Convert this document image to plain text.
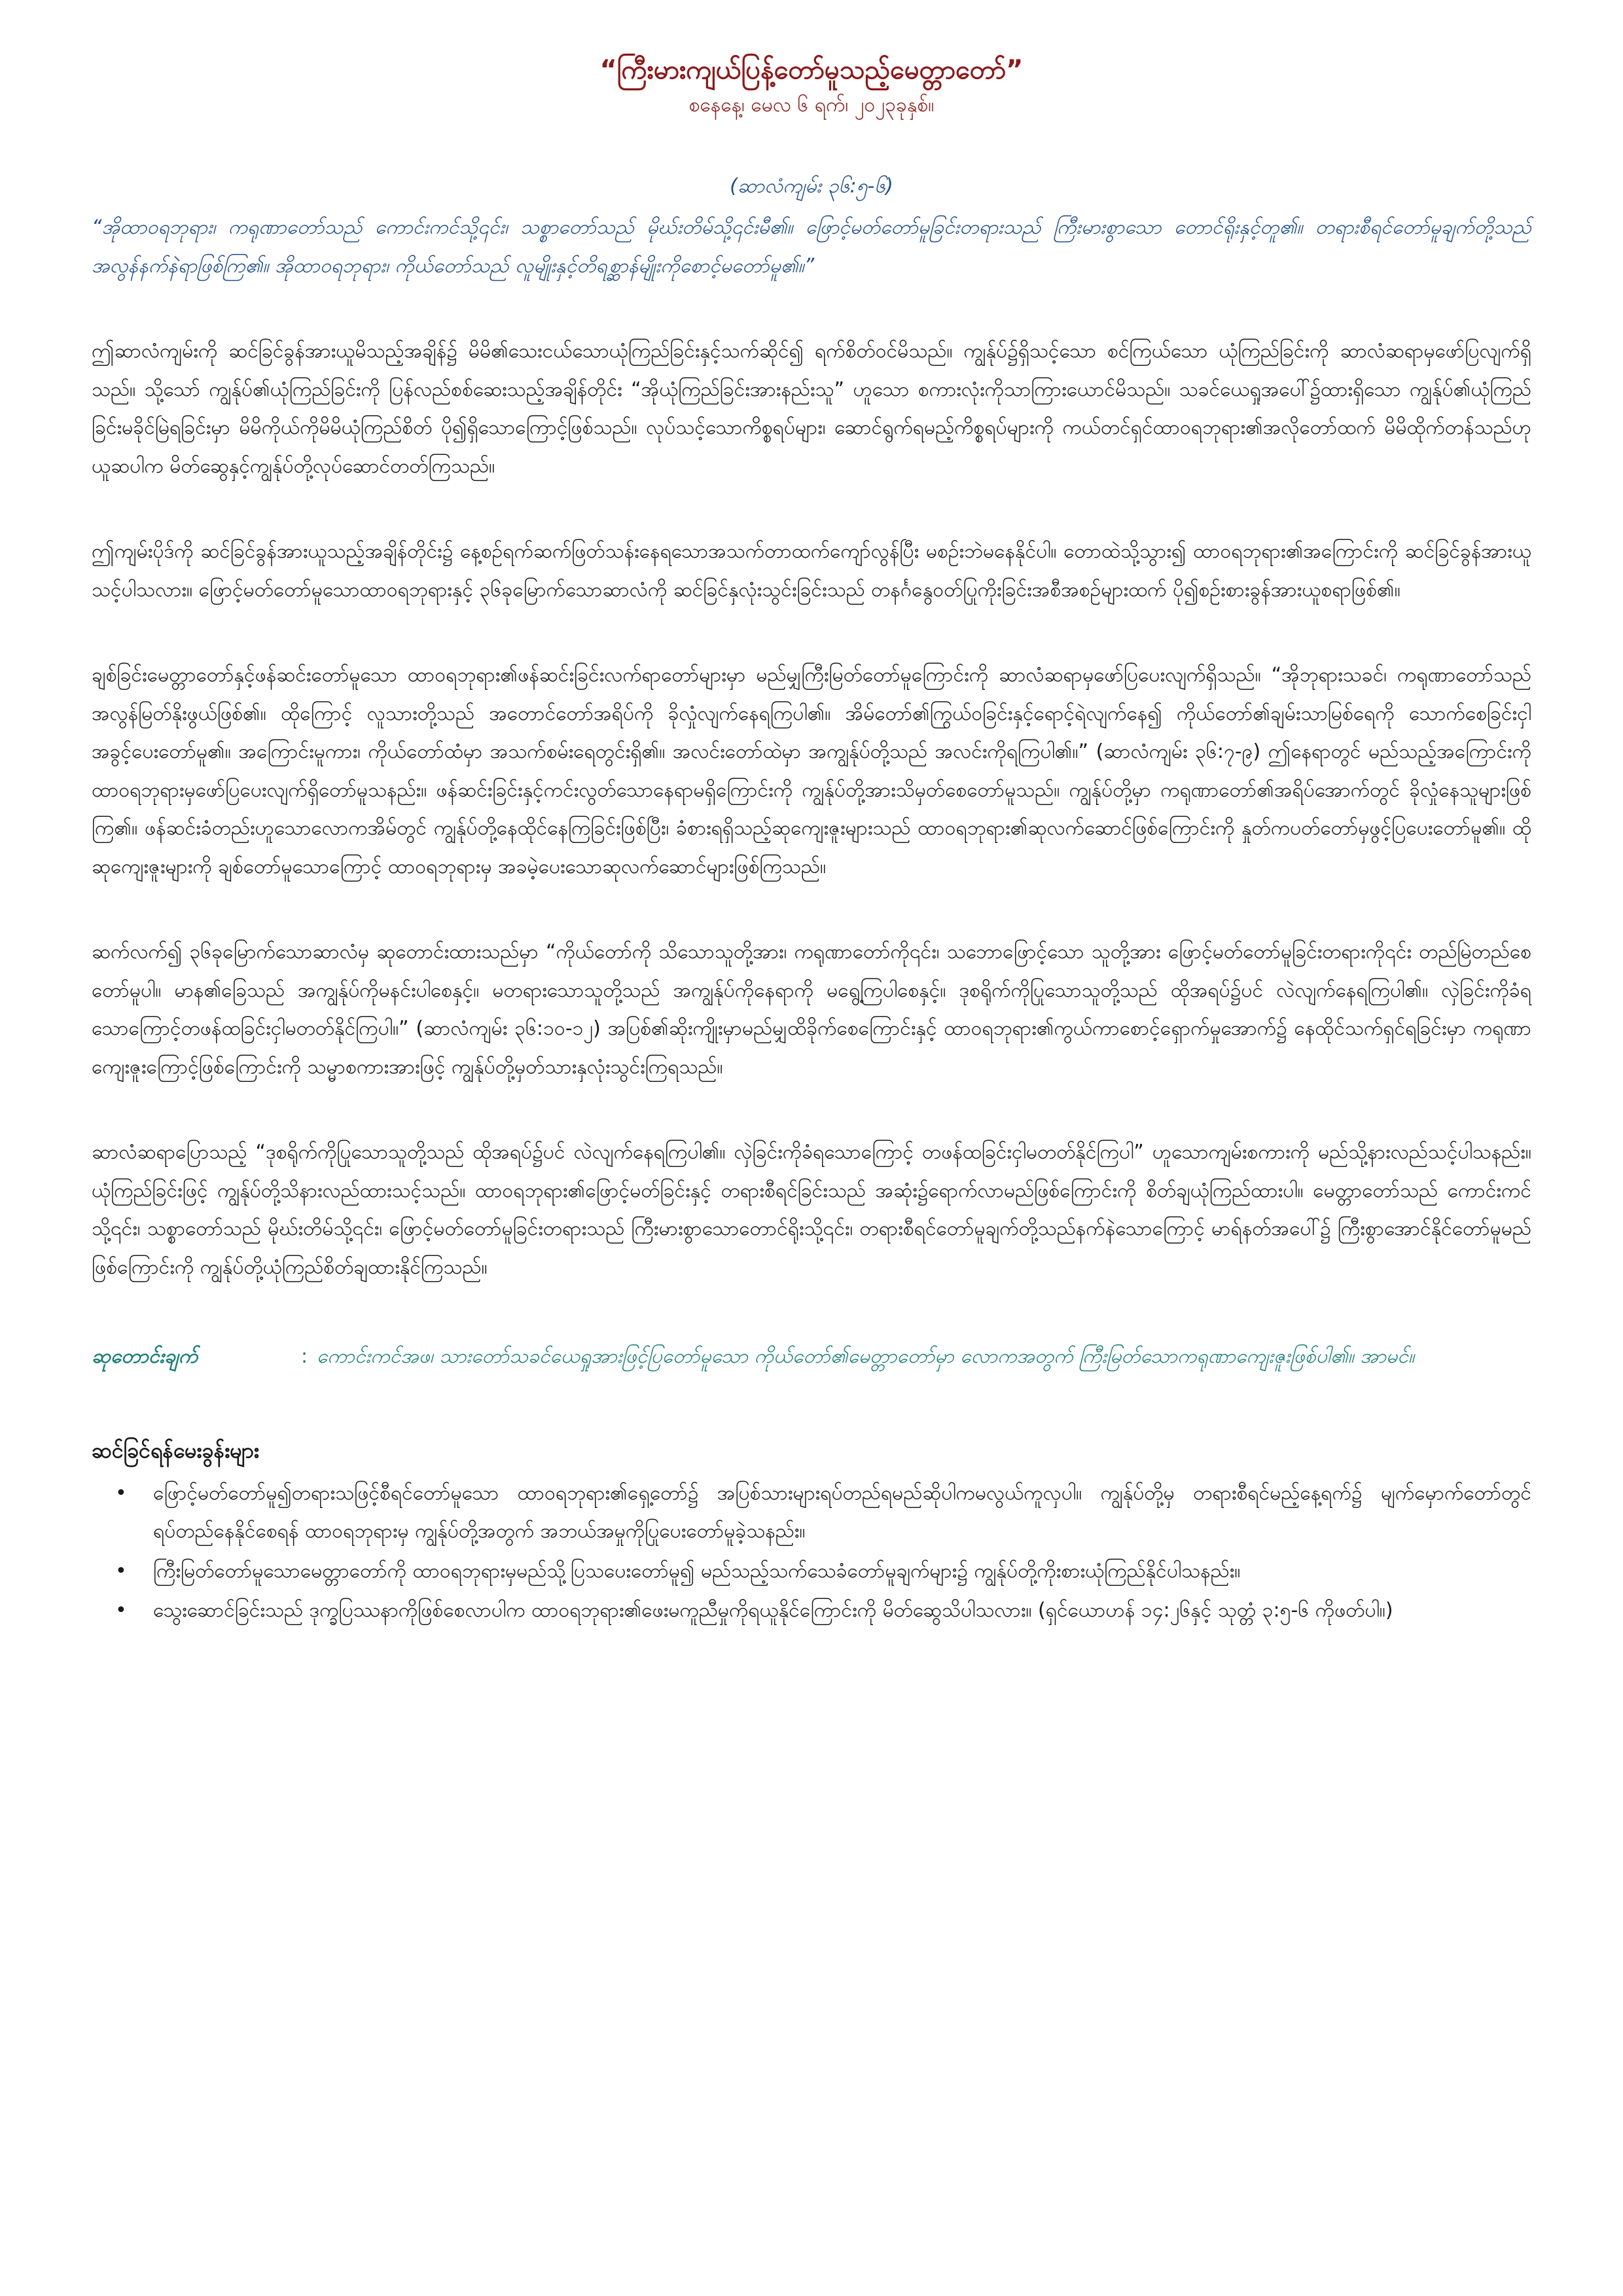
“ကြီးမားကျယ်ပြန့်တော်မူသည့်မေတ္တာတော်”

စနေနေ့၊ မေလ ၆ ရက်၊ ၂၀၂၃ခုနှစ်။

(ဆာလံကျမ်း ၃၆:၅-၆)

“အိုထာဝရဘုရား၊ ကရုဏာတော်သည် ကောင်းကင်သို့၎င်း၊ သစ္စာတော်သည် မိုဃ်းတိမ်သို့၎င်းမီ၏။ ဖြောင့်မတ်တော်မူခြင်းတရားသည် ကြီးမားစွာသော တောင်ရိုးနှင့်တူ၏။ တရားစီရင်တော်မူချက်တို့သည် အလွန်နက်နဲရာဖြစ်ကြ၏။ အိုထာဝရဘုရား၊ ကိုယ်တော်သည် လူမျိုးနှင့်တိရစ္ဆာန်မျိုးကိုစောင့်မတော်မူ၏။”

ဤဆာလံကျမ်းကို ဆင်ခြင်ခွန်အားယူမိသည့်အချိန်၌ မိမိ၏သေးငယ်သောယုံကြည်ခြင်းနှင့်သက်ဆိုင်၍ ရက်စိတ်ဝင်မိသည်။ ကျွန်ုပ်၌ရှိသင့်သော စင်ကြယ်သော ယုံကြည်ခြင်းကို ဆာလံဆရာမှဖော်ပြလျက်ရှိသည်။ သို့သော် ကျွန်ုပ်၏ယုံကြည်ခြင်းကို ပြန်လည်စစ်ဆေးသည့်အချိန်တိုင်း “အိုယုံကြည်ခြင်းအားနည်းသူ” ဟူသော စကားလုံးကိုသာကြားယောင်မိသည်။ သခင်ယေရှုအပေါ်၌ထားရှိသော ကျွန်ုပ်၏ယုံကြည်ခြင်းမခိုင်မြဲရခြင်းမှာ မိမိကိုယ်ကိုမိမိယုံကြည်စိတ် ပို၍ရှိသောကြောင့်ဖြစ်သည်။ လုပ်သင့်သောကိစ္စရပ်များ၊ ဆောင်ရွက်ရမည့်ကိစ္စရပ်များကို ကယ်တင်ရှင်ထာဝရဘုရား၏အလိုတော်ထက် မိမိထိုက်တန်သည်ဟုယူဆပါက မိတ်ဆွေနှင့်ကျွန်ုပ်တို့လုပ်ဆောင်တတ်ကြသည်။

ဤကျမ်းပိုဒ်ကို ဆင်ခြင်ခွန်အားယူသည့်အချိန်တိုင်း၌ နေ့စဉ်ရက်ဆက်ဖြတ်သန်းနေရသောအသက်တာထက်ကျော်လွန်ပြီး မစဉ်းဘဲမနေနိုင်ပါ။ တောထဲသို့သွား၍ ထာဝရဘုရား၏အကြောင်းကို ဆင်ခြင်ခွန်အားယူသင့်ပါသလား။ ဖြောင့်မတ်တော်မူသောထာဝရဘုရားနှင့် ၃၆ခုမြောက်သောဆာလံကို ဆင်ခြင်နှလုံးသွင်းခြင်းသည် တနင်္ဂနွေဝတ်ပြုကိုးခြင်းအစီအစဉ်များထက် ပို၍စဉ်းစားခွန်အားယူစရာဖြစ်၏။

ချစ်ခြင်းမေတ္တာတော်နှင့်ဖန်ဆင်းတော်မူသော ထာဝရဘုရား၏ဖန်ဆင်းခြင်းလက်ရာတော်များမှာ မည်မျှကြီးမြတ်တော်မူကြောင်းကို ဆာလံဆရာမှဖော်ပြပေးလျက်ရှိသည်။ “အိုဘုရားသခင်၊ ကရုဏာတော်သည် အလွန်မြတ်နိုးဖွယ်ဖြစ်၏။ ထိုကြောင့် လူသားတို့သည် အတောင်တော်အရိပ်ကို ခိုလှုံလျက်နေရကြပါ၏။ အိမ်တော်၏ကြွယ်ဝခြင်းနှင့်ရောင့်ရဲလျက်နေ၍ ကိုယ်တော်၏ချမ်းသာမြစ်ရေကို သောက်စေခြင်းငှါအခွင့်ပေးတော်မူ၏။ အကြောင်းမူကား၊ ကိုယ်တော်ထံမှာ အသက်စမ်းရေတွင်းရှိ၏။ အလင်းတော်ထဲမှာ အကျွန်ုပ်တို့သည် အလင်းကိုရကြပါ၏။” (ဆာလံကျမ်း ၃၆:၇-၉) ဤနေရာတွင် မည်သည့်အကြောင်းကို ထာဝရဘုရားမှဖော်ပြပေးလျက်ရှိတော်မူသနည်း။ ဖန်ဆင်းခြင်းနှင့်ကင်းလွတ်သောနေရာမရှိကြောင်းကို ကျွန်ုပ်တို့အားသိမှတ်စေတော်မူသည်။ ကျွန်ုပ်တို့မှာ ကရုဏာတော်၏အရိပ်အောက်တွင် ခိုလှုံနေသူများဖြစ်ကြ၏။ ဖန်ဆင်းခံတည်းဟူသောလောကအိမ်တွင် ကျွန်ုပ်တို့နေထိုင်နေကြခြင်းဖြစ်ပြီး၊ ခံစားရရှိသည့်ဆုကျေးဇူးများသည် ထာဝရဘုရား၏ဆုလက်ဆောင်ဖြစ်ကြောင်းကို နှုတ်ကပတ်တော်မှဖွင့်ပြပေးတော်မူ၏။ ထိုဆုကျေးဇူးများကို ချစ်တော်မူသောကြောင့် ထာဝရဘုရားမှ အခမဲ့ပေးသောဆုလက်ဆောင်များဖြစ်ကြသည်။

ဆက်လက်၍ ၃၆ခုမြောက်သောဆာလံမှ ဆုတောင်းထားသည်မှာ “ကိုယ်တော်ကို သိသောသူတို့အား၊ ကရုဏာတော်ကို၎င်း၊ သဘောဖြောင့်သော သူတို့အား ဖြောင့်မတ်တော်မူခြင်းတရားကို၎င်း တည်မြဲတည်စေတော်မူပါ။ မာန၏ခြေသည် အကျွန်ုပ်ကိုမနင်းပါစေနှင့်။ မတရားသောသူတို့သည် အကျွန်ုပ်ကိုနေရာကို မရွေ့ကြပါစေနှင့်။ ဒုစရိုက်ကိုပြုသောသူတို့သည် ထိုအရပ်၌ပင် လဲလျက်နေရကြပါ၏။ လှဲခြင်းကိုခံရသောကြောင့်တဖန်ထခြင်းငှါမတတ်နိုင်ကြပါ။” (ဆာလံကျမ်း ၃၆:၁၀-၁၂) အပြစ်၏ဆိုးကျိုးမှာမည်မျှထိခိုက်စေကြောင်းနှင့် ထာဝရဘုရား၏ကွယ်ကာစောင့်ရှောက်မှုအောက်၌ နေထိုင်သက်ရှင်ရခြင်းမှာ ကရုဏာကျေးဇူးကြောင့်ဖြစ်ကြောင်းကို သမ္မာစကားအားဖြင့် ကျွန်ုပ်တို့မှတ်သားနှလုံးသွင်းကြရသည်။

ဆာလံဆရာပြောသည့် “ဒုစရိုက်ကိုပြုသောသူတို့သည် ထိုအရပ်၌ပင် လဲလျက်နေရကြပါ၏။ လှဲခြင်းကိုခံရသောကြောင့် တဖန်ထခြင်းငှါမတတ်နိုင်ကြပါ” ဟူသောကျမ်းစကားကို မည်သို့နားလည်သင့်ပါသနည်း။ ယုံကြည်ခြင်းဖြင့် ကျွန်ုပ်တို့သိနားလည်ထားသင့်သည်။ ထာဝရဘုရား၏ဖြောင့်မတ်ခြင်းနှင့် တရားစီရင်ခြင်းသည် အဆုံး၌ရောက်လာမည်ဖြစ်ကြောင်းကို စိတ်ချယုံကြည်ထားပါ။ မေတ္တာတော်သည် ကောင်းကင်သို့၎င်း၊ သစ္စာတော်သည် မိုဃ်းတိမ်သို့၎င်း၊ ဖြောင့်မတ်တော်မူခြင်းတရားသည် ကြီးမားစွာသောတောင်ရိုးသို့၎င်း၊ တရားစီရင်တော်မူချက်တို့သည်နက်နဲသောကြောင့် မာရ်နတ်အပေါ်၌ ကြီးစွာအောင်နိုင်တော်မူမည်ဖြစ်ကြောင်းကို ကျွန်ုပ်တို့ယုံကြည်စိတ်ချထားနိုင်ကြသည်။

ဆုတောင်းချက်	: ကောင်းကင်အဖ၊ သားတော်သခင်ယေရှုအားဖြင့်ပြတော်မူသော ကိုယ်တော်၏မေတ္တာတော်မှာ လောကအတွက် ကြီးမြတ်သောကရုဏာကျေးဇူးဖြစ်ပါ၏။ အာမင်။
ဆင်ခြင်ရန်မေးခွန်းများ
• ဖြောင့်မတ်တော်မူ၍တရားသဖြင့်စီရင်တော်မူသော ထာဝရဘုရား၏ရှေ့တော်၌ အပြစ်သားများရပ်တည်ရမည်ဆိုပါကမလွယ်ကူလှပါ။ ကျွန်ုပ်တို့မှ တရားစီရင်မည့်နေ့ရက်၌ မျက်မှောက်တော်တွင် ရပ်တည်နေနိုင်စေရန် ထာဝရဘုရားမှ ကျွန်ုပ်တို့အတွက် အဘယ်အမှုကိုပြုပေးတော်မူခဲ့သနည်း။
• ကြီးမြတ်တော်မူသောမေတ္တာတော်ကို ထာဝရဘုရားမှမည်သို့ပြသပေးတော်မူ၍ မည်သည့်သက်သေခံတော်မူချက်များ၌ ကျွန်ုပ်တို့ကိုးစားယုံကြည်နိုင်ပါသနည်း။
• သွေးဆောင်ခြင်းသည် ဒုက္ခပြဿနာကိုဖြစ်စေလာပါက ထာဝရဘုရား၏ဖေးမကူညီမှုကိုရယူနိုင်ကြောင်းကို မိတ်ဆွေသိပါသလား။ (ရှင်ယောဟန် ၁၄:၂၆နှင့် သုတ္တံ ၃:၅-၆ ကိုဖတ်ပါ။)
